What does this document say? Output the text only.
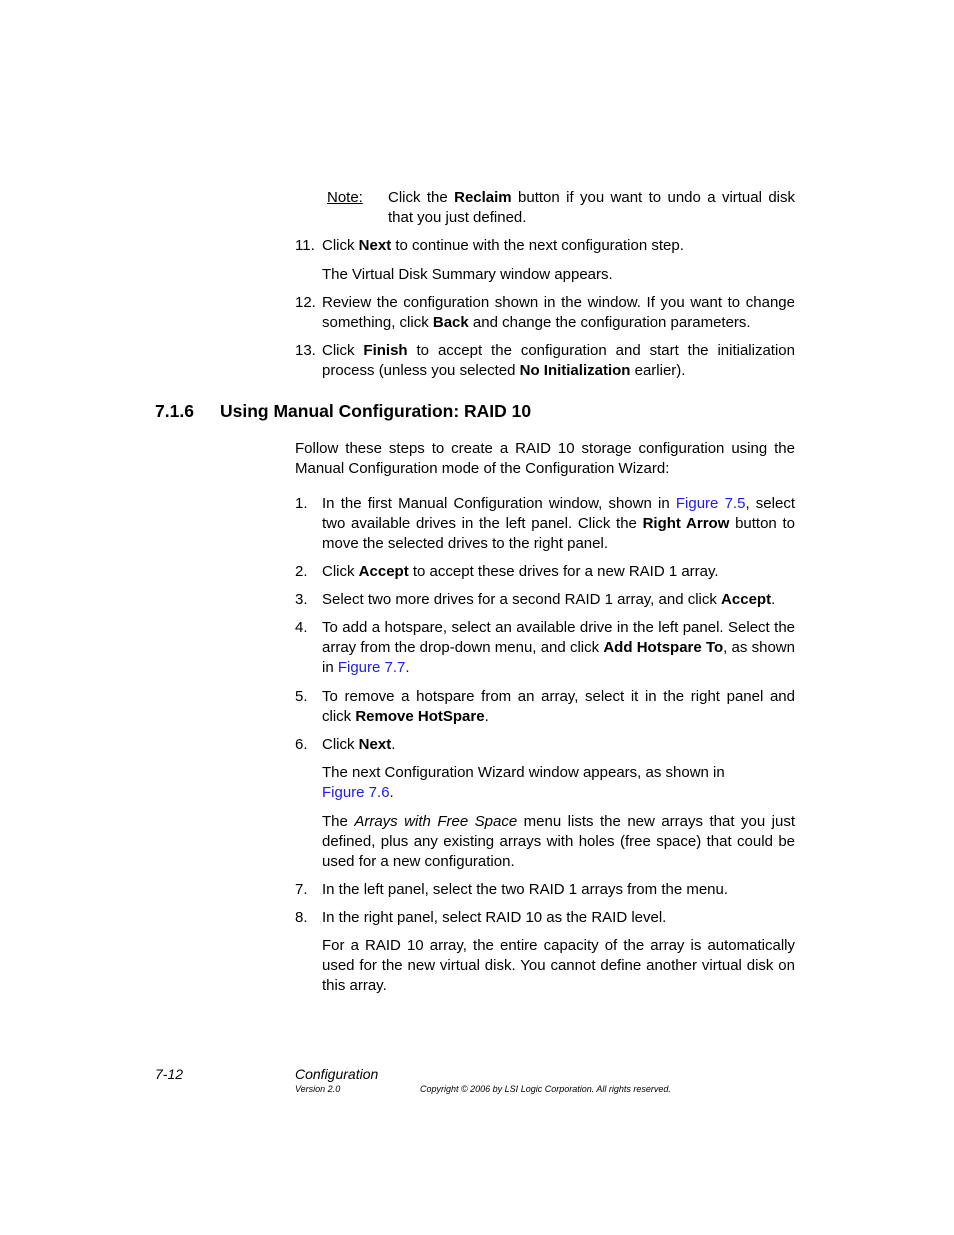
Note: Click the Reclaim button if you want to undo a virtual disk that you just defined.
11. Click Next to continue with the next configuration step.
The Virtual Disk Summary window appears.
12. Review the configuration shown in the window. If you want to change something, click Back and change the configuration parameters.
13. Click Finish to accept the configuration and start the initialization process (unless you selected No Initialization earlier).
7.1.6 Using Manual Configuration: RAID 10
Follow these steps to create a RAID 10 storage configuration using the Manual Configuration mode of the Configuration Wizard:
1. In the first Manual Configuration window, shown in Figure 7.5, select two available drives in the left panel. Click the Right Arrow button to move the selected drives to the right panel.
2. Click Accept to accept these drives for a new RAID 1 array.
3. Select two more drives for a second RAID 1 array, and click Accept.
4. To add a hotspare, select an available drive in the left panel. Select the array from the drop-down menu, and click Add Hotspare To, as shown in Figure 7.7.
5. To remove a hotspare from an array, select it in the right panel and click Remove HotSpare.
6. Click Next.
The next Configuration Wizard window appears, as shown in Figure 7.6.
The Arrays with Free Space menu lists the new arrays that you just defined, plus any existing arrays with holes (free space) that could be used for a new configuration.
7. In the left panel, select the two RAID 1 arrays from the menu.
8. In the right panel, select RAID 10 as the RAID level.
For a RAID 10 array, the entire capacity of the array is automatically used for the new virtual disk. You cannot define another virtual disk on this array.
7-12	Configuration
Version 2.0	Copyright © 2006 by LSI Logic Corporation. All rights reserved.
